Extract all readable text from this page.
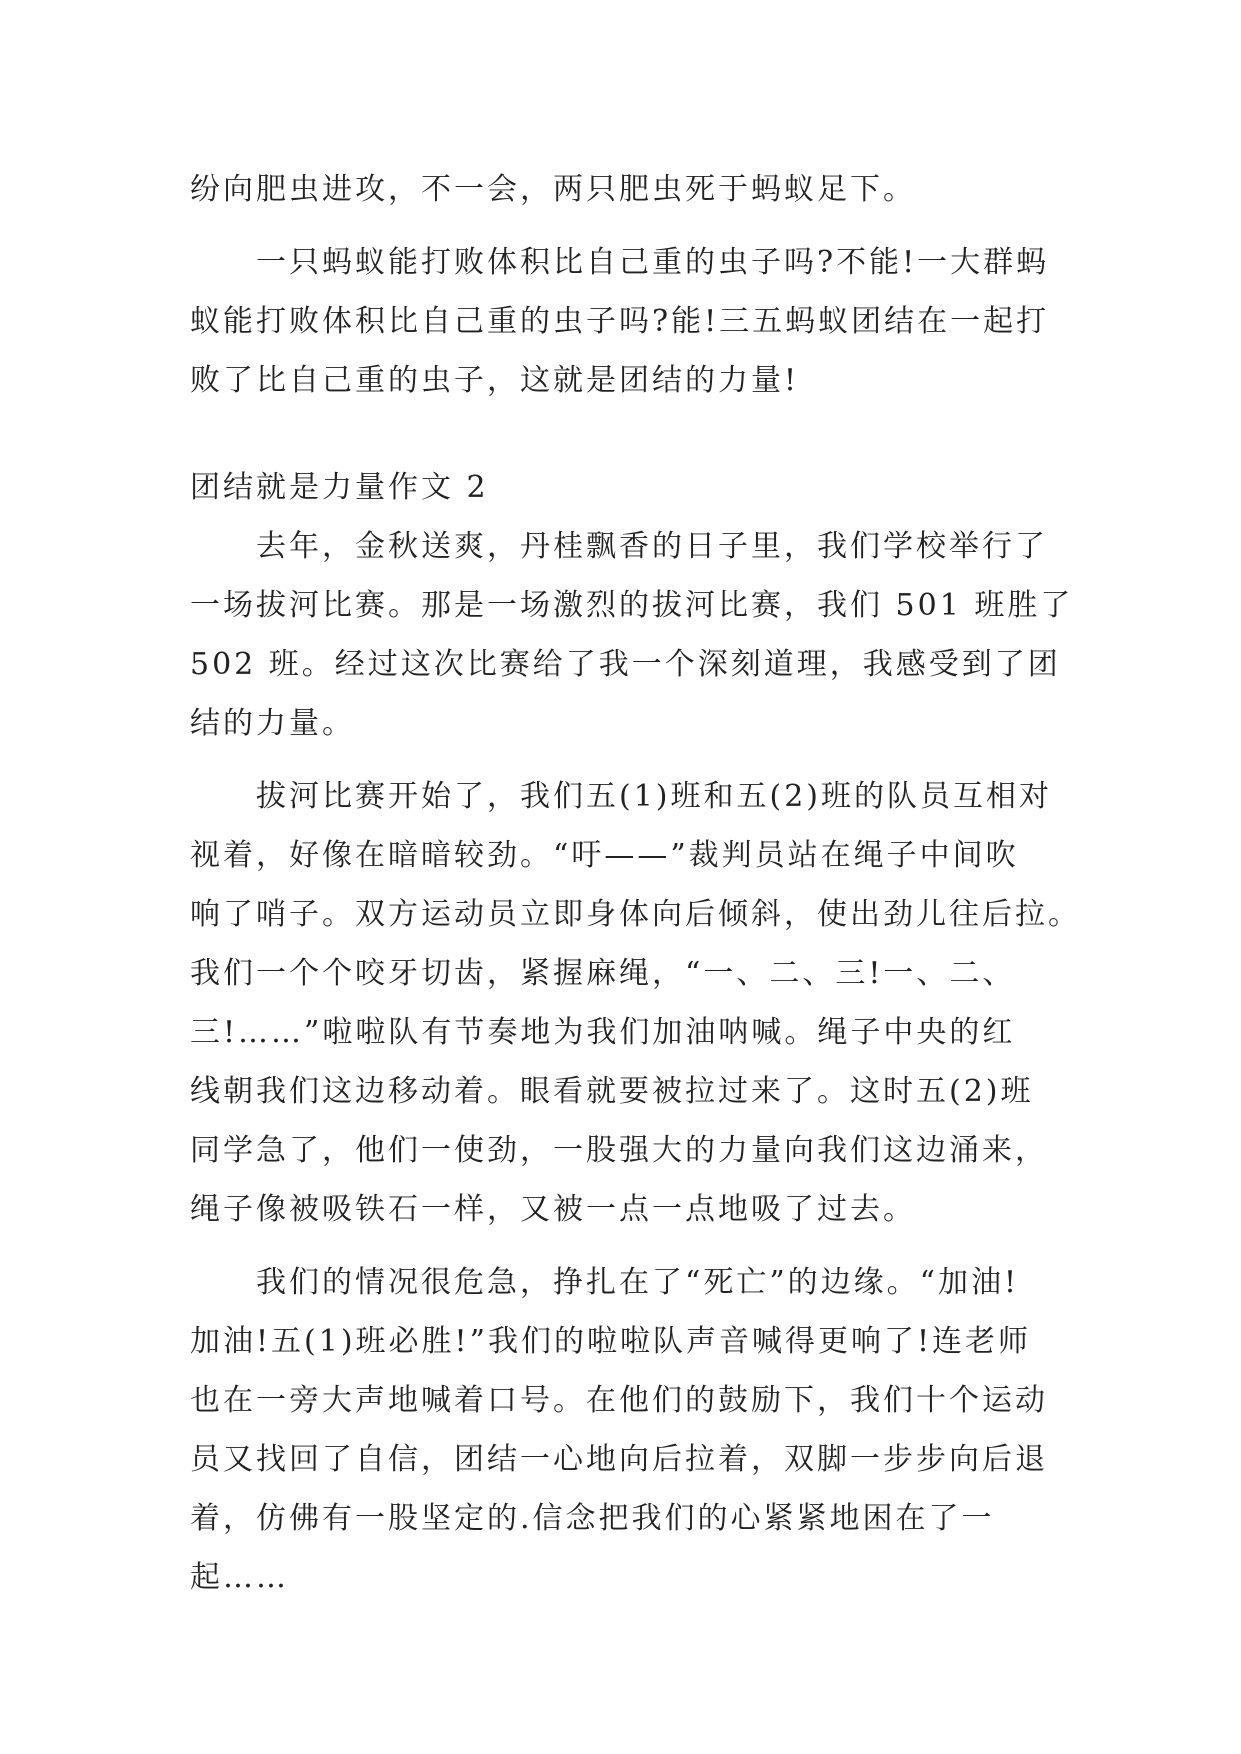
纷向肥虫进攻，不一会，两只肥虫死于蚂蚁足下。
一只蚂蚁能打败体积比自己重的虫子吗?不能!一大群蚂
蚁能打败体积比自己重的虫子吗?能!三五蚂蚁团结在一起打
败了比自己重的虫子，这就是团结的力量!
团结就是力量作文 2
去年，金秋送爽，丹桂飘香的日子里，我们学校举行了
一场拔河比赛。那是一场激烈的拔河比赛，我们 501 班胜了
502 班。经过这次比赛给了我一个深刻道理，我感受到了团
结的力量。
拔河比赛开始了，我们五(1)班和五(2)班的队员互相对
视着，好像在暗暗较劲。“吁——”裁判员站在绳子中间吹
响了哨子。双方运动员立即身体向后倾斜，使出劲儿往后拉。
我们一个个咬牙切齿，紧握麻绳，“一、二、三!一、二、
三!……”啦啦队有节奏地为我们加油呐喊。绳子中央的红
线朝我们这边移动着。眼看就要被拉过来了。这时五(2)班
同学急了，他们一使劲，一股强大的力量向我们这边涌来，
绳子像被吸铁石一样，又被一点一点地吸了过去。
我们的情况很危急，挣扎在了“死亡”的边缘。“加油!
加油!五(1)班必胜!”我们的啦啦队声音喊得更响了!连老师
也在一旁大声地喊着口号。在他们的鼓励下，我们十个运动
员又找回了自信，团结一心地向后拉着，双脚一步步向后退
着，仿佛有一股坚定的.信念把我们的心紧紧地困在了一
起……
